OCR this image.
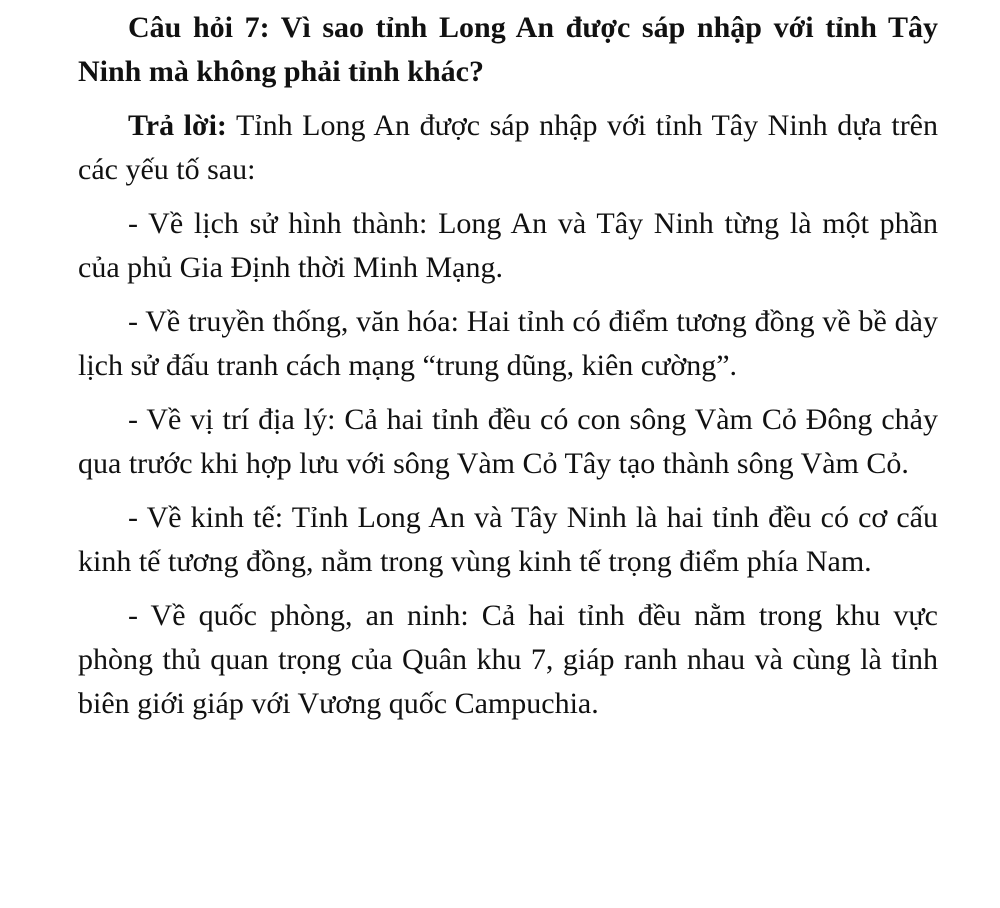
Câu hỏi 7: Vì sao tỉnh Long An được sáp nhập với tỉnh Tây Ninh mà không phải tỉnh khác?

Trả lời: Tỉnh Long An được sáp nhập với tỉnh Tây Ninh dựa trên các yếu tố sau:

- Về lịch sử hình thành: Long An và Tây Ninh từng là một phần của phủ Gia Định thời Minh Mạng.

- Về truyền thống, văn hóa: Hai tỉnh có điểm tương đồng về bề dày lịch sử đấu tranh cách mạng “trung dũng, kiên cường”.

- Về vị trí địa lý: Cả hai tỉnh đều có con sông Vàm Cỏ Đông chảy qua trước khi hợp lưu với sông Vàm Cỏ Tây tạo thành sông Vàm Cỏ.

- Về kinh tế: Tỉnh Long An và Tây Ninh là hai tỉnh đều có cơ cấu kinh tế tương đồng, nằm trong vùng kinh tế trọng điểm phía Nam.

- Về quốc phòng, an ninh: Cả hai tỉnh đều nằm trong khu vực phòng thủ quan trọng của Quân khu 7, giáp ranh nhau và cùng là tỉnh biên giới giáp với Vương quốc Campuchia.
